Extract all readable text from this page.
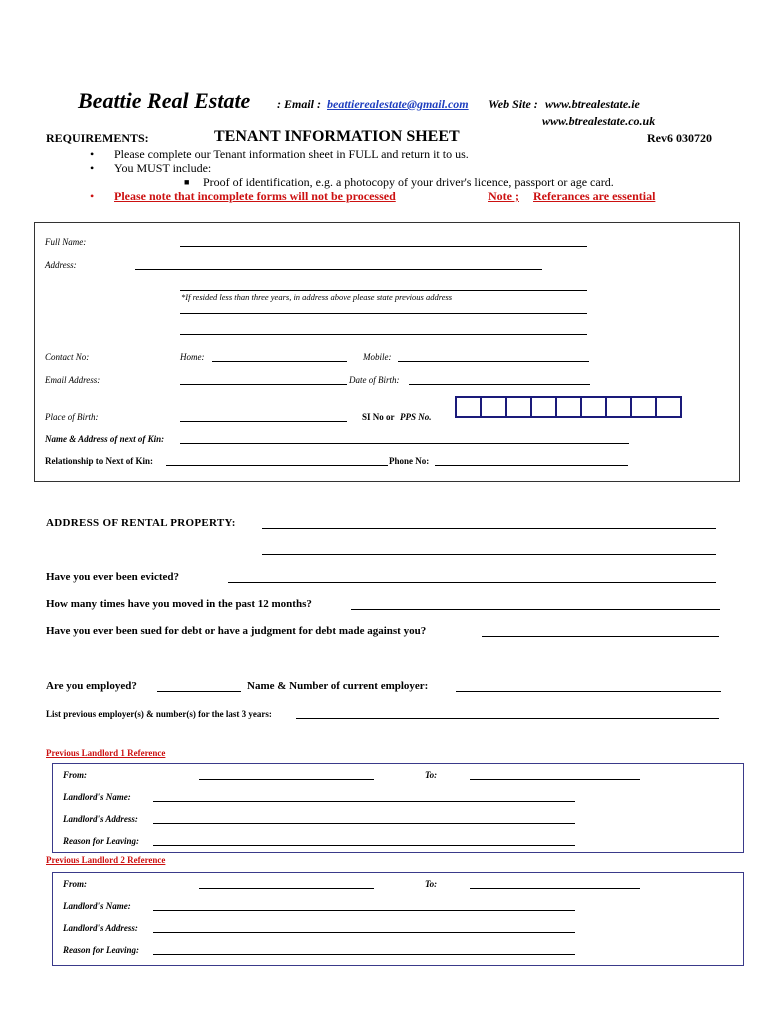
Beattie Real Estate : Email : beattierealestate@gmail.com Web Site : www.btrealestate.ie
www.btrealestate.co.uk
REQUIREMENTS:	TENANT INFORMATION SHEET	Rev6 030720
• Please complete our Tenant information sheet in FULL and return it to us.
• You MUST include:
■ Proof of identification, e.g. a photocopy of your driver's licence, passport or age card.
• Please note that incomplete forms will not be processed	Note ; Referances are essential
Full Name:
Address:
*If resided less than three years, in address above please state previous address
Contact No:	Home:	Mobile:
Email Address:	Date of Birth:
Place of Birth:	SI No or PPS No.
Name & Address of next of Kin:
Relationship to Next of Kin:	Phone No:
ADDRESS OF RENTAL PROPERTY:
Have you ever been evicted?
How many times have you moved in the past 12 months?
Have you ever been sued for debt or have a judgment for debt made against you?
Are you employed?	Name & Number of current employer:
List previous employer(s) & number(s) for the last 3 years:
Previous Landlord 1 Reference
From:	To:
Landlord's Name:
Landlord's Address:
Reason for Leaving:
Previous Landlord 2 Reference
From:	To:
Landlord's Name:
Landlord's Address:
Reason for Leaving:
